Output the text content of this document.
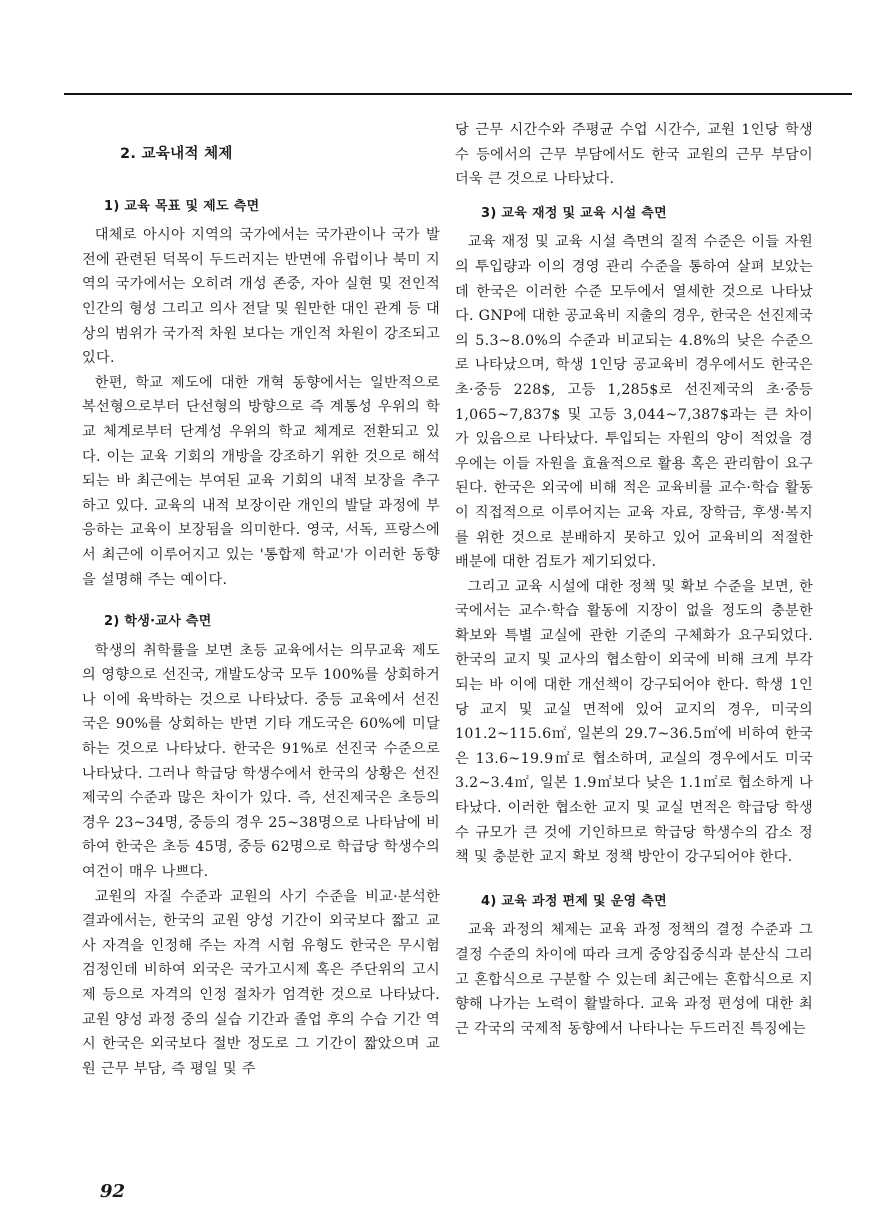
2. 교육내적 체제
1) 교육 목표 및 제도 측면

대체로 아시아 지역의 국가에서는 국가관이나 국가 발전에 관련된 덕목이 두드러지는 반면에 유럽이나 북미 지역의 국가에서는 오히려 개성 존중, 자아 실현 및 전인적 인간의 형성 그리고 의사 전달 및 원만한 대인 관계 등 대상의 범위가 국가적 차원 보다는 개인적 차원이 강조되고 있다.

한편, 학교 제도에 대한 개혁 동향에서는 일반적으로 복선형으로부터 단선형의 방향으로 즉 계통성 우위의 학교 체계로부터 단계성 우위의 학교 체계로 전환되고 있다. 이는 교육 기회의 개방을 강조하기 위한 것으로 해석되는 바 최근에는 부여된 교육 기회의 내적 보장을 추구하고 있다. 교육의 내적 보장이란 개인의 발달 과정에 부응하는 교육이 보장됨을 의미한다. 영국, 서독, 프랑스에서 최근에 이루어지고 있는 '통합제 학교'가 이러한 동향을 설명해 주는 예이다.

2) 학생·교사 측면

학생의 취학률을 보면 초등 교육에서는 의무교육 제도의 영향으로 선진국, 개발도상국 모두 100%를 상회하거나 이에 육박하는 것으로 나타났다. 중등 교육에서 선진국은 90%를 상회하는 반면 기타 개도국은 60%에 미달하는 것으로 나타났다. 한국은 91%로 선진국 수준으로 나타났다. 그러나 학급당 학생수에서 한국의 상황은 선진제국의 수준과 많은 차이가 있다. 즉, 선진제국은 초등의 경우 23~34명, 중등의 경우 25~38명으로 나타남에 비하여 한국은 초등 45명, 중등 62명으로 학급당 학생수의 여건이 매우 나쁘다.

교원의 자질 수준과 교원의 사기 수준을 비교·분석한 결과에서는, 한국의 교원 양성 기간이 외국보다 짧고 교사 자격을 인정해 주는 자격 시험 유형도 한국은 무시험 검정인데 비하여 외국은 국가고시제 혹은 주단위의 고시제 등으로 자격의 인정 절차가 엄격한 것으로 나타났다. 교원 양성 과정 중의 실습 기간과 졸업 후의 수습 기간 역시 한국은 외국보다 절반 정도로 그 기간이 짧았으며 교원 근무 부담, 즉 평일 및 주

당 근무 시간수와 주평균 수업 시간수, 교원 1인당 학생수 등에서의 근무 부담에서도 한국 교원의 근무 부담이 더욱 큰 것으로 나타났다.

3) 교육 재정 및 교육 시설 측면

교육 재정 및 교육 시설 측면의 질적 수준은 이들 자원의 투입량과 이의 경영 관리 수준을 통하여 살펴 보았는데 한국은 이러한 수준 모두에서 열세한 것으로 나타났다. GNP에 대한 공교육비 지출의 경우, 한국은 선진제국의 5.3~8.0%의 수준과 비교되는 4.8%의 낮은 수준으로 나타났으며, 학생 1인당 공교육비 경우에서도 한국은 초·중등 228$, 고등 1,285$로 선진제국의 초·중등 1,065~7,837$ 및 고등 3,044~7,387$과는 큰 차이가 있음으로 나타났다. 투입되는 자원의 양이 적었을 경우에는 이들 자원을 효율적으로 활용 혹은 관리함이 요구된다. 한국은 외국에 비해 적은 교육비를 교수·학습 활동이 직접적으로 이루어지는 교육 자료, 장학금, 후생·복지를 위한 것으로 분배하지 못하고 있어 교육비의 적절한 배분에 대한 검토가 제기되었다.

그리고 교육 시설에 대한 정책 및 확보 수준을 보면, 한국에서는 교수·학습 활동에 지장이 없을 정도의 충분한 확보와 특별 교실에 관한 기준의 구체화가 요구되었다. 한국의 교지 및 교사의 협소함이 외국에 비해 크게 부각되는 바 이에 대한 개선책이 강구되어야 한다. 학생 1인당 교지 및 교실 면적에 있어 교지의 경우, 미국의 101.2~115.6㎡, 일본의 29.7~36.5㎡에 비하여 한국은 13.6~19.9㎡로 협소하며, 교실의 경우에서도 미국 3.2~3.4㎡, 일본 1.9㎡보다 낮은 1.1㎡로 협소하게 나타났다. 이러한 협소한 교지 및 교실 면적은 학급당 학생수 규모가 큰 것에 기인하므로 학급당 학생수의 감소 정책 및 충분한 교지 확보 정책 방안이 강구되어야 한다.

4) 교육 과정 편제 및 운영 측면

교육 과정의 체제는 교육 과정 정책의 결정 수준과 그 결정 수준의 차이에 따라 크게 중앙집중식과 분산식 그리고 혼합식으로 구분할 수 있는데 최근에는 혼합식으로 지향해 나가는 노력이 활발하다. 교육 과정 편성에 대한 최근 각국의 국제적 동향에서 나타나는 두드러진 특징에는

92
